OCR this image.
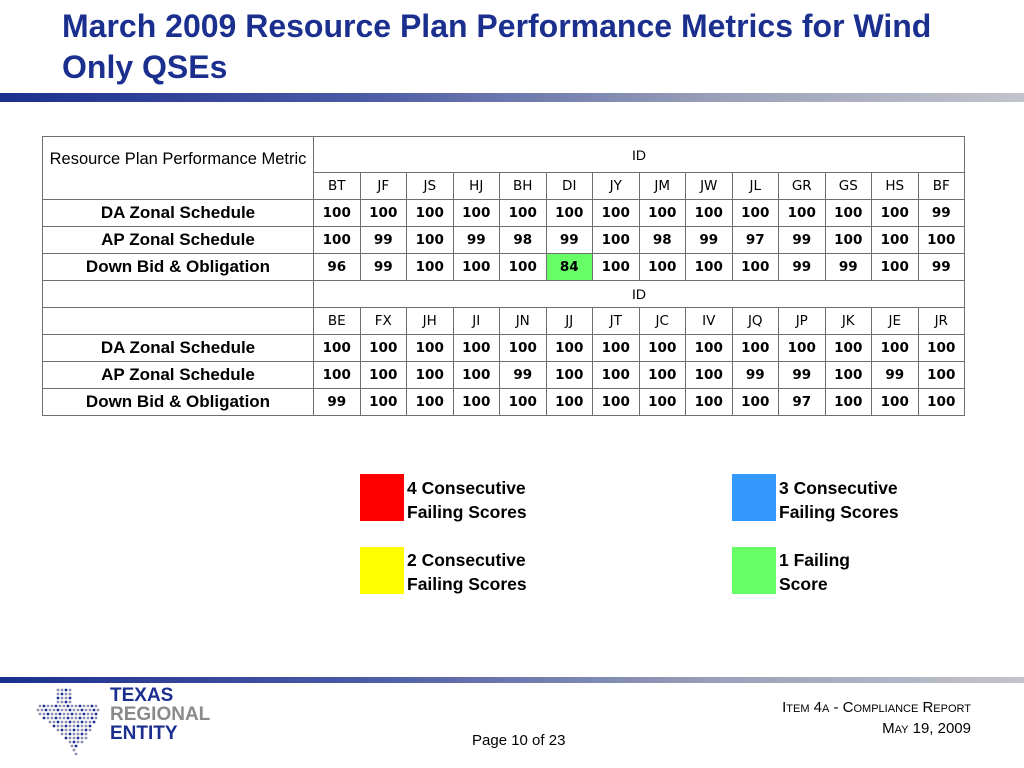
March 2009 Resource Plan Performance Metrics for Wind Only QSEs
Resource Plan Performance Metric	ID													
	BT	JF	JS	HJ	BH	DI	JY	JM	JW	JL	GR	GS	HS	BF
DA Zonal Schedule	100	100	100	100	100	100	100	100	100	100	100	100	100	99
AP Zonal Schedule	100	99	100	99	98	99	100	98	99	97	99	100	100	100
Down Bid & Obligation	96	99	100	100	100	84	100	100	100	100	99	99	100	99
	ID													
	BE	FX	JH	JI	JN	JJ	JT	JC	IV	JQ	JP	JK	JE	JR
DA Zonal Schedule	100	100	100	100	100	100	100	100	100	100	100	100	100	100
AP Zonal Schedule	100	100	100	100	99	100	100	100	100	99	99	100	99	100
Down Bid & Obligation	99	100	100	100	100	100	100	100	100	100	97	100	100	100
4 Consecutive
Failing Scores
3 Consecutive
Failing Scores
2 Consecutive
Failing Scores
1 Failing
Score
TEXAS
REGIONAL
ENTITY
Item 4a - Compliance Report
May 19, 2009
Page 10 of 23
